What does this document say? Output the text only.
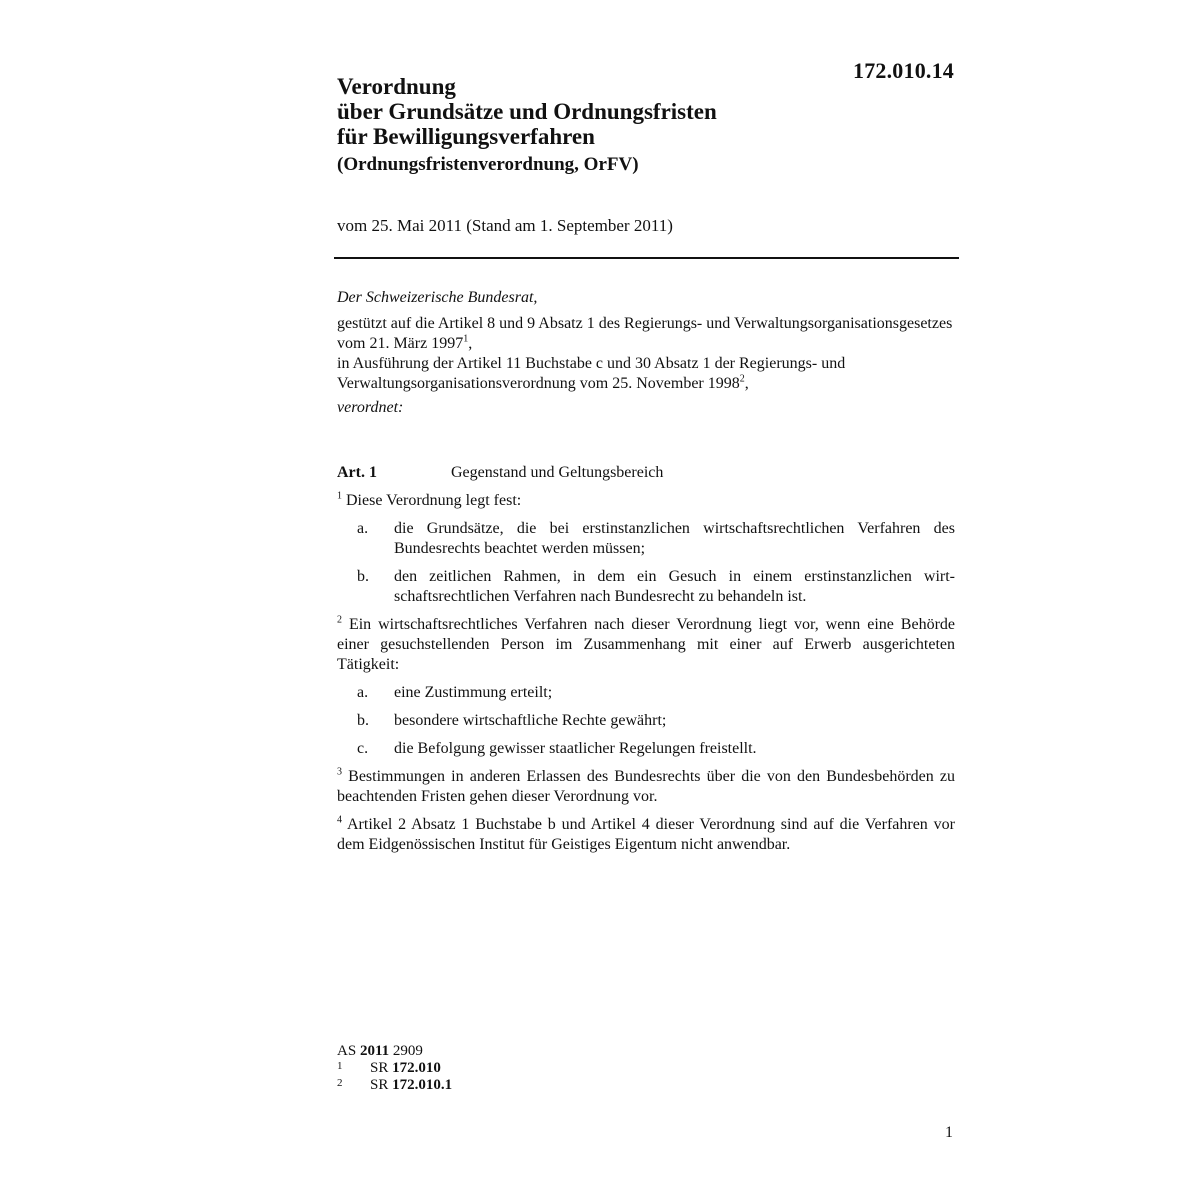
172.010.14
Verordnung
über Grundsätze und Ordnungsfristen
für Bewilligungsverfahren
(Ordnungsfristenverordnung, OrFV)
vom 25. Mai 2011 (Stand am 1. September 2011)

Der Schweizerische Bundesrat,

gestützt auf die Artikel 8 und 9 Absatz 1 des Regierungs- und Verwaltungsorganisationsgesetzes vom 21. März 1997$^1$,

in Ausführung der Artikel 11 Buchstabe c und 30 Absatz 1 der Regierungs- und Verwaltungsorganisationsverordnung vom 25. November 1998$^2$,

verordnet:

Art. 1	Gegenstand und Geltungsbereich

$^1$ Diese Verordnung legt fest:

a.	die Grundsätze, die bei erstinstanzlichen wirtschaftsrechtlichen Verfahren des Bundesrechts beachtet werden müssen;
b.	den zeitlichen Rahmen, in dem ein Gesuch in einem erstinstanzlichen wirtschaftsrechtlichen Verfahren nach Bundesrecht zu behandeln ist.

$^2$ Ein wirtschaftsrechtliches Verfahren nach dieser Verordnung liegt vor, wenn eine Behörde einer gesuchstellenden Person im Zusammenhang mit einer auf Erwerb ausgerichteten Tätigkeit:

a.	eine Zustimmung erteilt;
b.	besondere wirtschaftliche Rechte gewährt;
c.	die Befolgung gewisser staatlicher Regelungen freistellt.

$^3$ Bestimmungen in anderen Erlassen des Bundesrechts über die von den Bundesbehörden zu beachtenden Fristen gehen dieser Verordnung vor.

$^4$ Artikel 2 Absatz 1 Buchstabe b und Artikel 4 dieser Verordnung sind auf die Verfahren vor dem Eidgenössischen Institut für Geistiges Eigentum nicht anwendbar.

AS 2011 2909
1	SR 172.010
2	SR 172.010.1
1
